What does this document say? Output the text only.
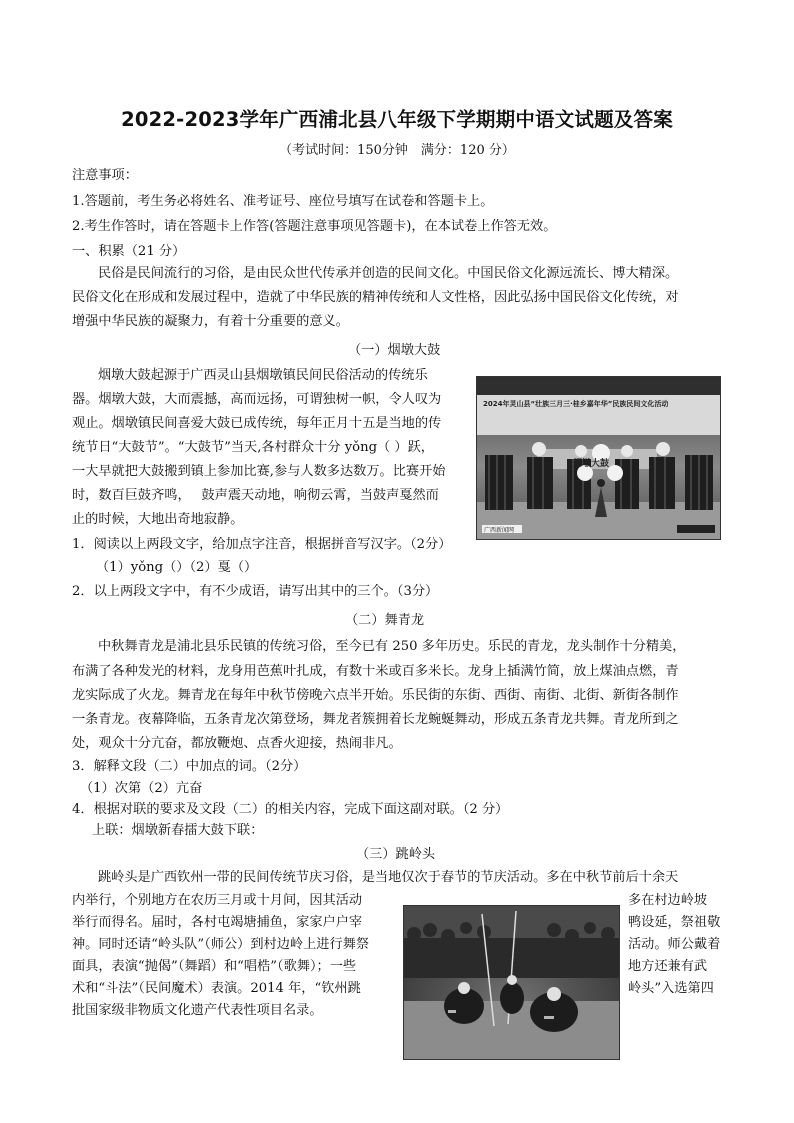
2022-2023学年广西浦北县八年级下学期期中语文试题及答案
（考试时间：150分钟　满分：120 分）
注意事项：
1.答题前，考生务必将姓名、准考证号、座位号填写在试卷和答题卡上。
2.考生作答时，请在答题卡上作答(答题注意事项见答题卡)，在本试卷上作答无效。
一、积累（21 分）
民俗是民间流行的习俗，是由民众世代传承并创造的民间文化。中国民俗文化源远流长、博大精深。
民俗文化在形成和发展过程中，造就了中华民族的精神传统和人文性格，因此弘扬中国民俗文化传统，对
增强中华民族的凝聚力，有着十分重要的意义。
（一）烟墩大鼓
烟墩大鼓起源于广西灵山县烟墩镇民间民俗活动的传统乐
器。烟墩大鼓，大而震撼，高而远扬，可谓独树一帜，令人叹为
观止。烟墩镇民间喜爱大鼓已成传统，每年正月十五是当地的传
统节日“大鼓节”。“大鼓节”当天,各村群众十分 yǒng（ ）跃，
一大早就把大鼓搬到镇上参加比赛,参与人数多达数万。比赛开始
时，数百巨鼓齐鸣，　 鼓声震天动地，响彻云霄，当鼓声戛然而
止的时候，大地出奇地寂静。
2024年灵山县“壮族三月三·桂乡嘉年华”民族民间文化活动
烟墩大鼓
广西新闻网
1．阅读以上两段文字，给加点字注音，根据拼音写汉字。（2分）
（1）yǒng（）（2）戛（）
2．以上两段文字中，有不少成语，请写出其中的三个。（3分）
（二）舞青龙
中秋舞青龙是浦北县乐民镇的传统习俗，至今已有 250 多年历史。乐民的青龙，龙头制作十分精美，
布满了各种发光的材料，龙身用芭蕉叶扎成，有数十米或百多米长。龙身上插满竹简，放上煤油点燃，青
龙实际成了火龙。舞青龙在每年中秋节傍晚六点半开始。乐民街的东街、西街、南街、北街、新街各制作
一条青龙。夜幕降临，五条青龙次第登场，舞龙者簇拥着长龙蜿蜒舞动，形成五条青龙共舞。青龙所到之
处，观众十分亢奋，都放鞭炮、点香火迎接，热闹非凡。
3．解释文段（二）中加点的词。（2分）
（1）次第（2）亢奋
4．根据对联的要求及文段（二）的相关内容，完成下面这副对联。（2 分）
上联：烟墩新春擂大鼓下联：
（三）跳岭头
跳岭头是广西钦州一带的民间传统节庆习俗，是当地仅次于春节的节庆活动。多在中秋节前后十余天
内举行，个别地方在农历三月或十月间，因其活动
举行而得名。届时，各村屯竭塘捕鱼，家家户户宰
神。同时还请“岭头队”（师公）到村边岭上进行舞祭
面具，表演“抛偈”（舞蹈）和“唱梏”（歌舞）；一些
术和“斗法”（民间魔术）表演。2014 年，“钦州跳
批国家级非物质文化遗产代表性项目名录。
多在村边岭坡
鸭设延，祭祖敬
活动。师公戴着
地方还兼有武
岭头”入选第四
